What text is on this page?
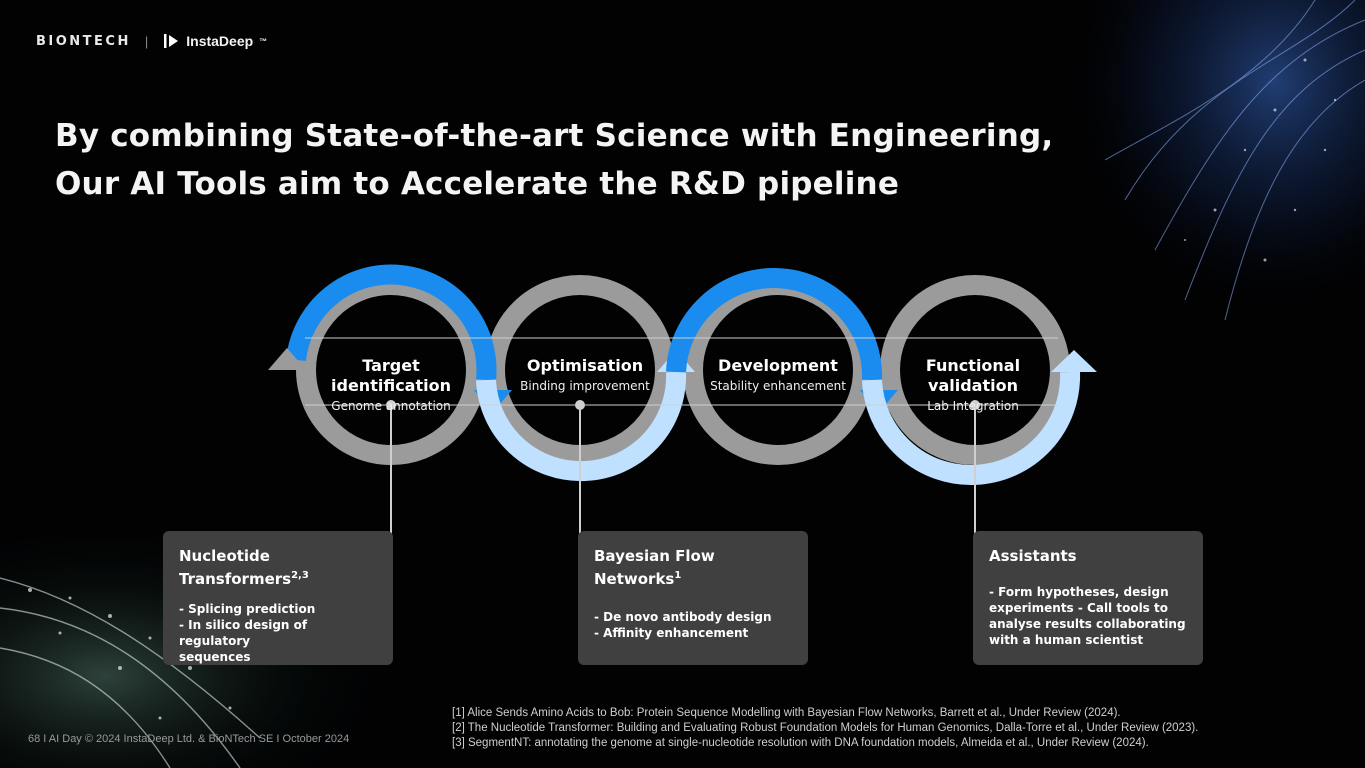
BIONTECH |	InstaDeep ™
By combining State-of-the-art Science with Engineering,
Our AI Tools aim to Accelerate the R&D pipeline
Target identification
Genome annotation
Optimisation
Binding improvement
Development
Stability enhancement
Functional validation
Lab Integration
Nucleotide
Transformers$^{2,3}$
- Splicing prediction
- In silico design of regulatory
sequences
Bayesian Flow
Networks$^1$
- De novo antibody design
- Affinity enhancement
Assistants
- Form hypotheses, design
experiments - Call tools to
analyse results collaborating
with a human scientist
[1] Alice Sends Amino Acids to Bob: Protein Sequence Modelling with Bayesian Flow Networks, Barrett et al., Under Review (2024).
[2] The Nucleotide Transformer: Building and Evaluating Robust Foundation Models for Human Genomics, Dalla-Torre et al., Under Review (2023).
[3] SegmentNT: annotating the genome at single-nucleotide resolution with DNA foundation models, Almeida et al., Under Review (2024).
68 I AI Day © 2024 InstaDeep Ltd. & BioNTech SE I October 2024
